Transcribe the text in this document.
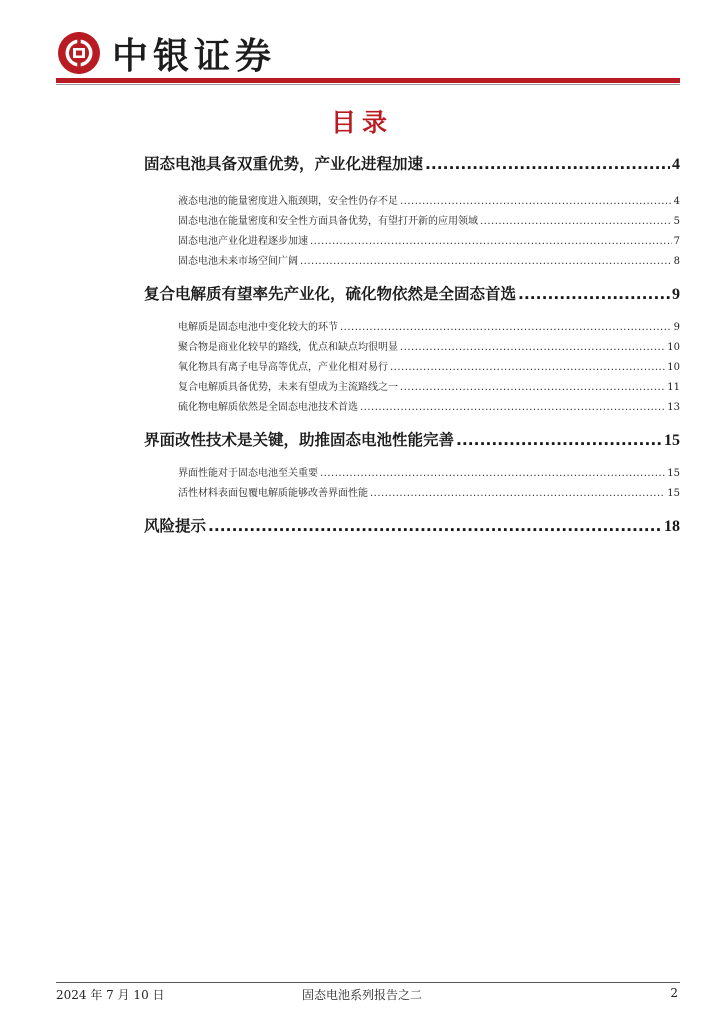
中银证券
目录
固态电池具备双重优势，产业化进程加速 .....	4
液态电池的能量密度进入瓶颈期，安全性仍存不足 .....	4
固态电池在能量密度和安全性方面具备优势，有望打开新的应用领域 .....	5
固态电池产业化进程逐步加速 .....	7
固态电池未来市场空间广阔 .....	8
复合电解质有望率先产业化，硫化物依然是全固态首选 .....	9
电解质是固态电池中变化较大的环节 .....	9
聚合物是商业化较早的路线，优点和缺点均很明显 .....	10
氧化物具有离子电导高等优点，产业化相对易行 .....	10
复合电解质具备优势，未来有望成为主流路线之一 .....	11
硫化物电解质依然是全固态电池技术首选 .....	13
界面改性技术是关键，助推固态电池性能完善 .....	15
界面性能对于固态电池至关重要 .....	15
活性材料表面包覆电解质能够改善界面性能 .....	15
风险提示 .....	18
2024 年 7 月 10 日	固态电池系列报告之二	2
